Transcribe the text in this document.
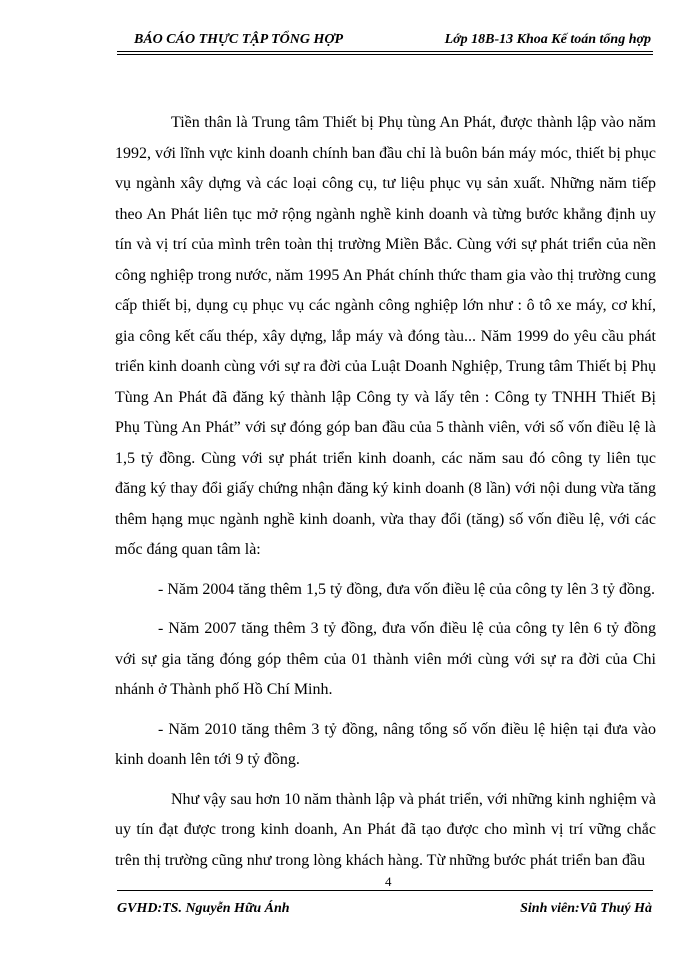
BÁO CÁO THỰC TẬP TỔNG HỢP	Lớp 18B-13 Khoa Kế toán tổng hợp

Tiền thân là Trung tâm Thiết bị Phụ tùng An Phát, được thành lập vào năm 1992, với lĩnh vực kinh doanh chính ban đầu chỉ là buôn bán máy móc, thiết bị phục vụ ngành xây dựng và các loại công cụ, tư liệu phục vụ sản xuất. Những năm tiếp theo An Phát liên tục mở rộng ngành nghề kinh doanh và từng bước khẳng định uy tín và vị trí của mình trên toàn thị trường Miền Bắc. Cùng với sự phát triển của nền công nghiệp trong nước, năm 1995 An Phát chính thức tham gia vào thị trường cung cấp thiết bị, dụng cụ phục vụ các ngành công nghiệp lớn như : ô tô xe máy, cơ khí, gia công kết cấu thép, xây dựng, lắp máy và đóng tàu... Năm 1999 do yêu cầu phát triển kinh doanh cùng với sự ra đời của Luật Doanh Nghiệp, Trung tâm Thiết bị Phụ Tùng An Phát đã đăng ký thành lập Công ty và lấy tên : Công ty TNHH Thiết Bị Phụ Tùng An Phát” với sự đóng góp ban đầu của 5 thành viên, với số vốn điều lệ là 1,5 tỷ đồng. Cùng với sự phát triển kinh doanh, các năm sau đó công ty liên tục đăng ký thay đổi giấy chứng nhận đăng ký kinh doanh (8 lần) với nội dung vừa tăng thêm hạng mục ngành nghề kinh doanh, vừa thay đổi (tăng) số vốn điều lệ, với các mốc đáng quan tâm là:

- Năm 2004 tăng thêm 1,5 tỷ đồng, đưa vốn điều lệ của công ty lên 3 tỷ đồng.

- Năm 2007 tăng thêm 3 tỷ đồng, đưa vốn điều lệ của công ty lên 6 tỷ đồng với sự gia tăng đóng góp thêm của 01 thành viên mới cùng với sự ra đời của Chi nhánh ở Thành phố Hồ Chí Minh.

- Năm 2010 tăng thêm 3 tỷ đồng, nâng tổng số vốn điều lệ hiện tại đưa vào kinh doanh lên tới 9 tỷ đồng.

Như vậy sau hơn 10 năm thành lập và phát triển, với những kinh nghiệm và uy tín đạt được trong kinh doanh, An Phát đã tạo được cho mình vị trí vững chắc trên thị trường cũng như trong lòng khách hàng. Từ những bước phát triển ban đầu

4
GVHD:TS. Nguyễn Hữu Ánh	Sinh viên:Vũ Thuý Hà
